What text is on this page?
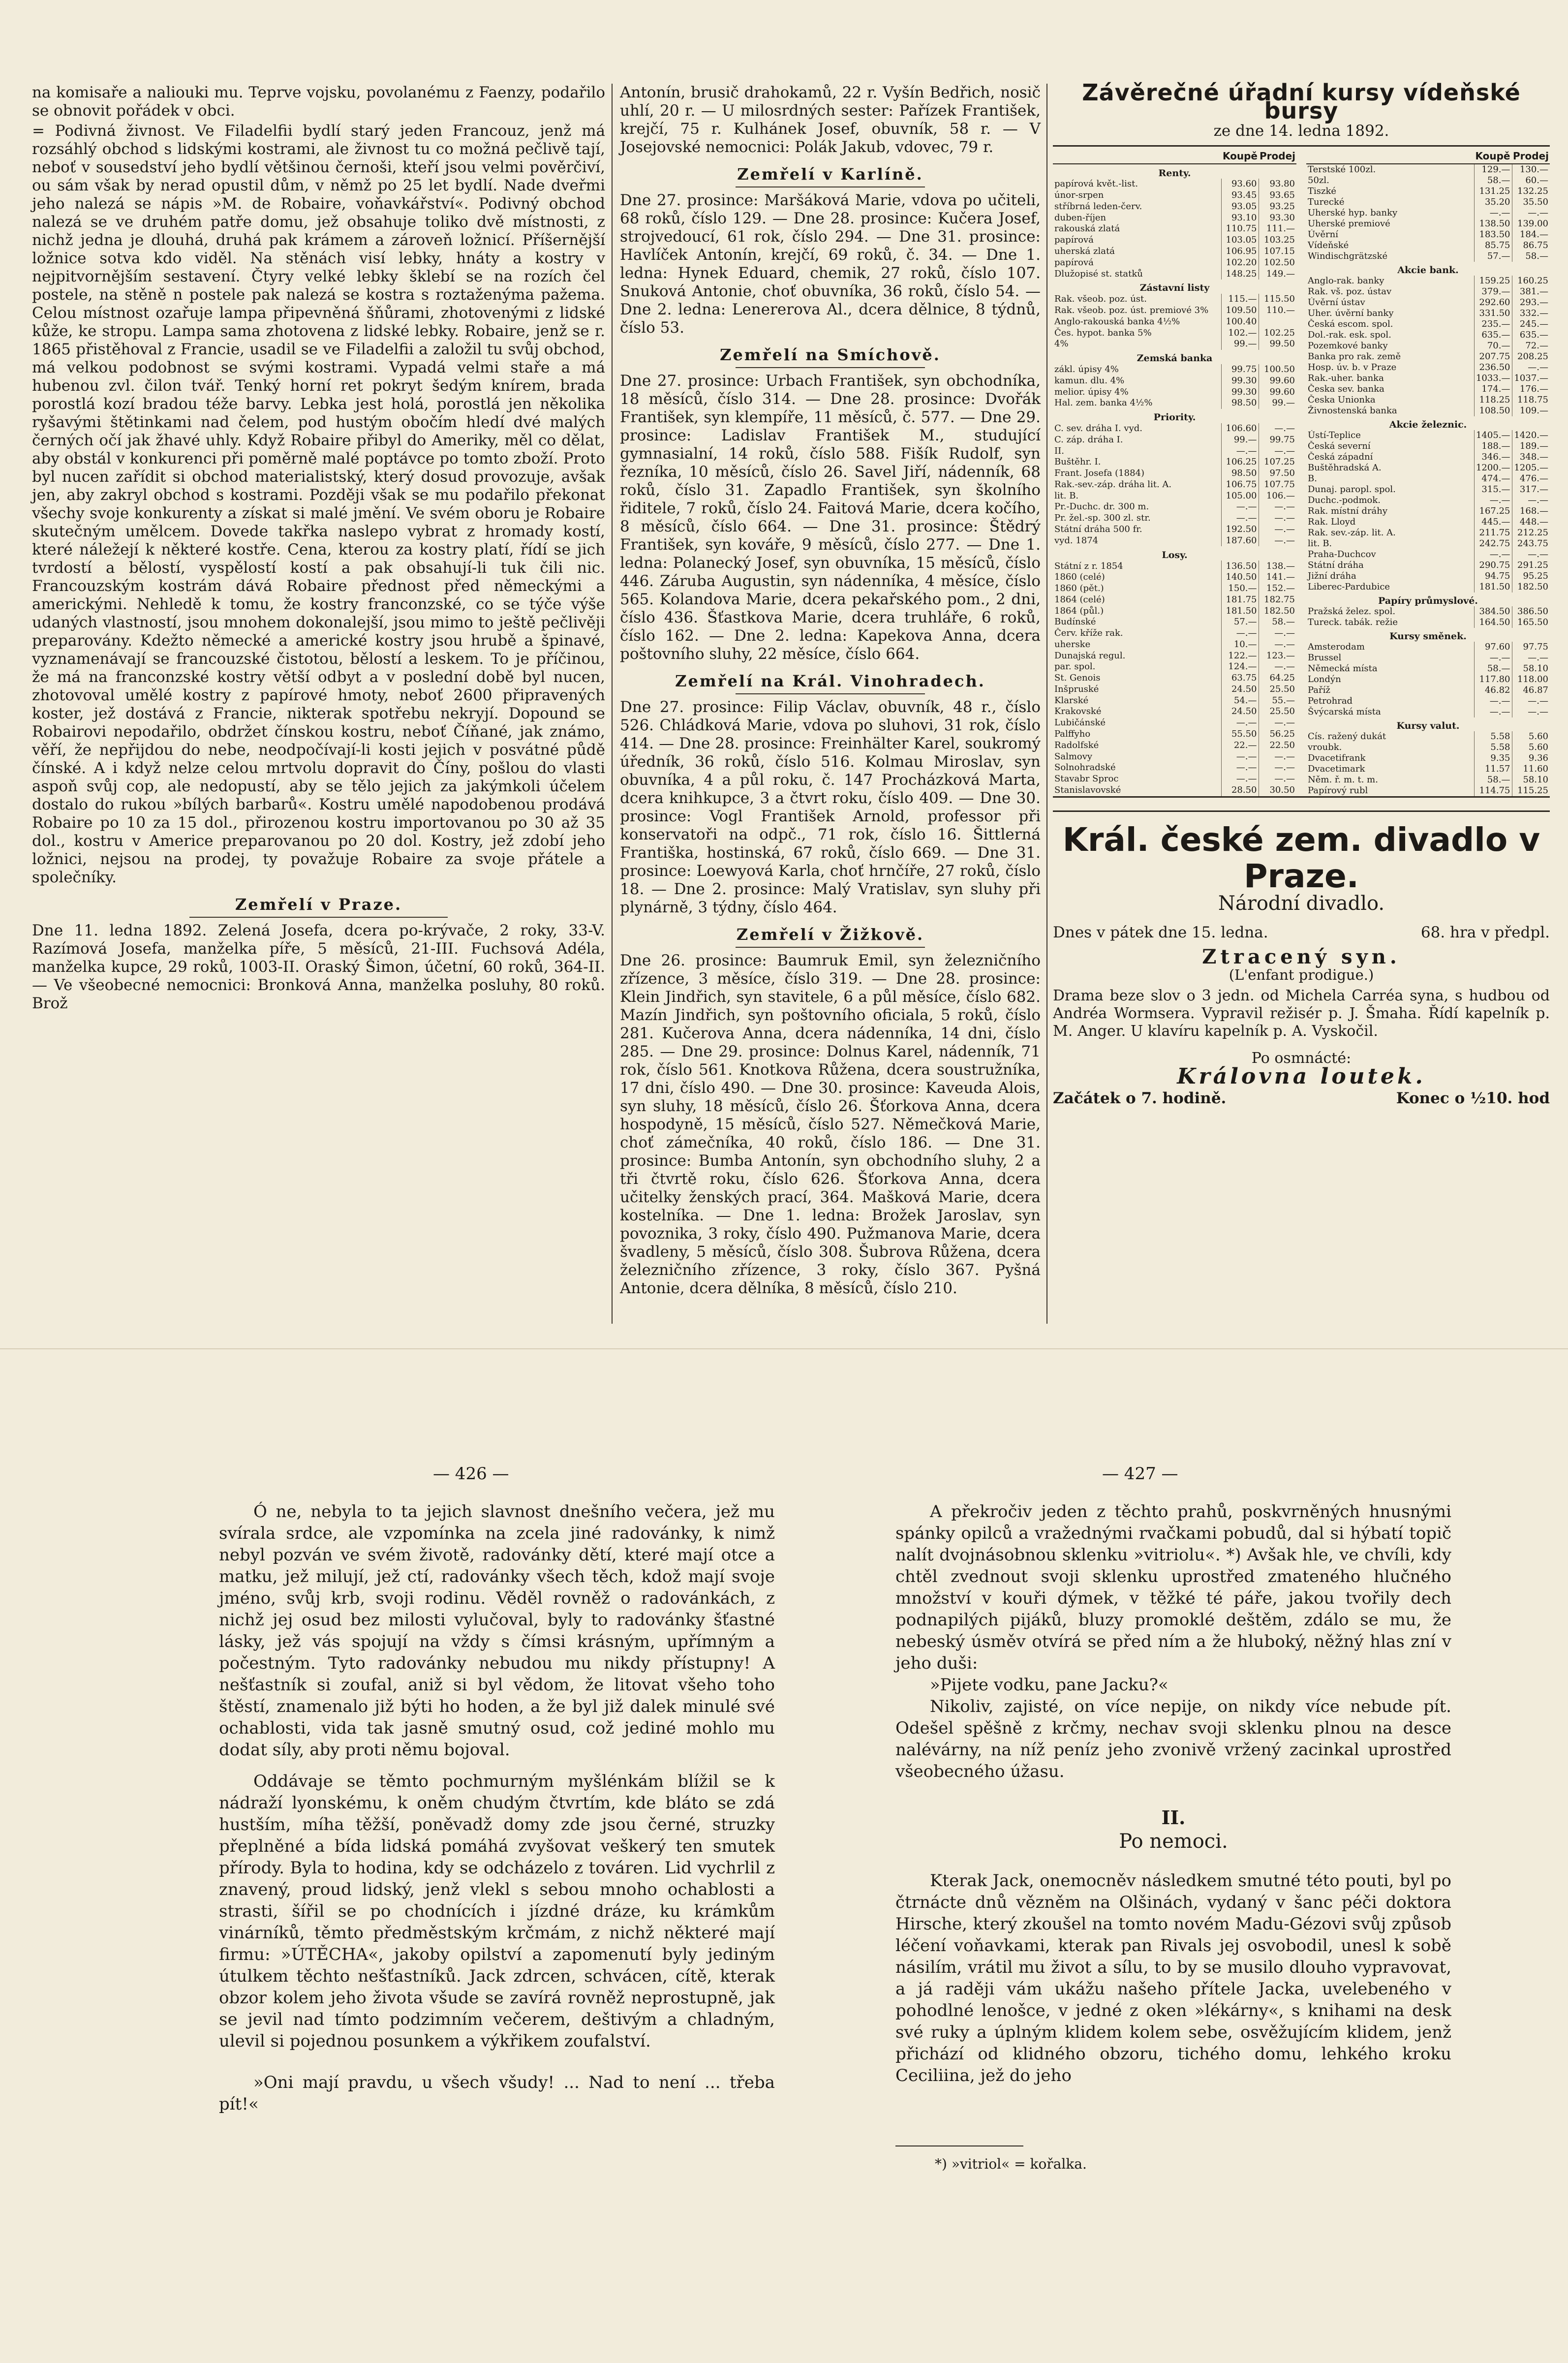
na komisaře a naliouki mu. Teprve vojsku, povolanému z Faenzy, podařilo se obnovit pořádek v obci.

= Podivná živnost. Ve Filadelfii bydlí starý jeden Francouz, jenž má rozsáhlý obchod s lidskými kostrami, ale živnost tu co možná pečlivě tají, neboť v sousedství jeho bydlí většinou černoši, kteří jsou velmi pověrčiví, ou sám však by nerad opustil dům, v němž po 25 let bydlí. Nade dveřmi jeho nalezá se nápis »M. de Robaire, voňavkářství«. Podivný obchod nalezá se ve druhém patře domu, jež obsahuje toliko dvě místnosti, z nichž jedna je dlouhá, druhá pak krámem a zároveň ložnicí. Příšernější ložnice sotva kdo viděl. Na stěnách visí lebky, hnáty a kostry v nejpitvornějším sestavení. Čtyry velké lebky šklebí se na rozích čel postele, na stěně n postele pak nalezá se kostra s roztaženýma pažema. Celou místnost ozařuje lampa připevněná šňůrami, zhotovenými z lidské kůže, ke stropu. Lampa sama zhotovena z lidské lebky. Robaire, jenž se r. 1865 přistěhoval z Francie, usadil se ve Filadelfii a založil tu svůj obchod, má velkou podobnost se svými kostrami. Vypadá velmi staře a má hubenou zvl. čilon tvář. Tenký horní ret pokryt šedým knírem, brada porostlá kozí bradou téže barvy. Lebka jest holá, porostlá jen několika ryšavými štětinkami nad čelem, pod hustým obočím hledí dvé malých černých očí jak žhavé uhly. Když Robaire přibyl do Ameriky, měl co dělat, aby obstál v konkurenci při poměrně malé poptávce po tomto zboží. Proto byl nucen zařídit si obchod materialistský, který dosud provozuje, avšak jen, aby zakryl obchod s kostrami. Později však se mu podařilo překonat všechy svoje konkurenty a získat si malé jmění. Ve svém oboru je Robaire skutečným umělcem. Dovede takřka naslepo vybrat z hromady kostí, které náležejí k některé kostře. Cena, kterou za kostry platí, řídí se jich tvrdostí a bělostí, vyspělostí kostí a pak obsahují-li tuk čili nic. Francouzským kostrám dává Robaire přednost před německými a americkými. Nehledě k tomu, že kostry franconzské, co se týče výše udaných vlastností, jsou mnohem dokonalejší, jsou mimo to ještě pečlivěji preparovány. Kdežto německé a americké kostry jsou hrubě a špinavé, vyznamenávají se francouzské čistotou, bělostí a leskem. To je příčinou, že má na franconzské kostry větší odbyt a v poslední době byl nucen, zhotovoval umělé kostry z papírové hmoty, neboť 2600 připravených koster, jež dostává z Francie, nikterak spotřebu nekryjí. Dopound se Robairovi nepodařilo, obdržet čínskou kostru, neboť Číňané, jak známo, věří, že nepřijdou do nebe, neodpočívají-li kosti jejich v posvátné půdě čínské. A i když nelze celou mrtvolu dopravit do Číny, pošlou do vlasti aspoň svůj cop, ale nedopustí, aby se tělo jejich za jakýmkoli účelem dostalo do rukou »bílých barbarů«. Kostru umělé napodobenou prodává Robaire po 10 za 15 dol., přirozenou kostru importovanou po 30 až 35 dol., kostru v Americe preparovanou po 20 dol. Kostry, jež zdobí jeho ložnici, nejsou na prodej, ty považuje Robaire za svoje přátele a společníky.

Zemřelí v Praze.

Dne 11. ledna 1892. Zelená Josefa, dcera po-krývače, 2 roky, 33-V. Razímová Josefa, manželka píře, 5 měsíců, 21-III. Fuchsová Adéla, manželka kupce, 29 roků, 1003-II. Oraský Šimon, účetní, 60 roků, 364-II. — Ve všeobecné nemocnici: Bronková Anna, manželka posluhy, 80 roků. Brož

Antonín, brusič drahokamů, 22 r. Vyšín Bedřich, nosič uhlí, 20 r. — U milosrdných sester: Pařízek František, krejčí, 75 r. Kulhánek Josef, obuvník, 58 r. — V Josejovské nemocnici: Polák Jakub, vdovec, 79 r.

Zemřelí v Karlíně.

Dne 27. prosince: Maršáková Marie, vdova po učiteli, 68 roků, číslo 129. — Dne 28. prosince: Kučera Josef, strojvedoucí, 61 rok, číslo 294. — Dne 31. prosince: Havlíček Antonín, krejčí, 69 roků, č. 34. — Dne 1. ledna: Hynek Eduard, chemik, 27 roků, číslo 107. Snuková Antonie, choť obuvníka, 36 roků, číslo 54. — Dne 2. ledna: Lenererova Al., dcera dělnice, 8 týdnů, číslo 53.

Zemřelí na Smíchově.

Dne 27. prosince: Urbach František, syn obchodníka, 18 měsíců, číslo 314. — Dne 28. prosince: Dvořák František, syn klempíře, 11 měsíců, č. 577. — Dne 29. prosince: Ladislav František M., studující gymnasialní, 14 roků, číslo 588. Fišík Rudolf, syn řezníka, 10 měsíců, číslo 26. Savel Jiří, nádenník, 68 roků, číslo 31. Zapadlo František, syn školního řiditele, 7 roků, číslo 24. Faitová Marie, dcera kočího, 8 měsíců, číslo 664. — Dne 31. prosince: Štědrý František, syn kováře, 9 měsíců, číslo 277. — Dne 1. ledna: Polanecký Josef, syn obuvníka, 15 měsíců, číslo 446. Záruba Augustin, syn nádenníka, 4 měsíce, číslo 565. Kolandova Marie, dcera pekařského pom., 2 dni, číslo 436. Šťastkova Marie, dcera truhláře, 6 roků, číslo 162. — Dne 2. ledna: Kapekova Anna, dcera poštovního sluhy, 22 měsíce, číslo 664.

Zemřelí na Král. Vinohradech.

Dne 27. prosince: Filip Václav, obuvník, 48 r., číslo 526. Chládková Marie, vdova po sluhovi, 31 rok, číslo 414. — Dne 28. prosince: Freinhälter Karel, soukromý úředník, 36 roků, číslo 516. Kolmau Miroslav, syn obuvníka, 4 a půl roku, č. 147 Procházková Marta, dcera knihkupce, 3 a čtvrt roku, číslo 409. — Dne 30. prosince: Vogl František Arnold, professor při konservatoři na odpč., 71 rok, číslo 16. Šittlerná Františka, hostinská, 67 roků, číslo 669. — Dne 31. prosince: Loewyová Karla, choť hrnčíře, 27 roků, číslo 18. — Dne 2. prosince: Malý Vratislav, syn sluhy při plynárně, 3 týdny, číslo 464.

Zemřelí v Žižkově.

Dne 26. prosince: Baumruk Emil, syn železničního zřízence, 3 měsíce, číslo 319. — Dne 28. prosince: Klein Jindřich, syn stavitele, 6 a půl měsíce, číslo 682. Mazín Jindřich, syn poštovního oficiala, 5 roků, číslo 281. Kučerova Anna, dcera nádenníka, 14 dni, číslo 285. — Dne 29. prosince: Dolnus Karel, nádenník, 71 rok, číslo 561. Knotkova Růžena, dcera soustružníka, 17 dni, číslo 490. — Dne 30. prosince: Kaveuda Alois, syn sluhy, 18 měsíců, číslo 26. Šťorkova Anna, dcera hospodyně, 15 měsíců, číslo 527. Němečková Marie, choť zámečníka, 40 roků, číslo 186. — Dne 31. prosince: Bumba Antonín, syn obchodního sluhy, 2 a tři čtvrtě roku, číslo 626. Šťorkova Anna, dcera učitelky ženských prací, 364. Mašková Marie, dcera kostelníka. — Dne 1. ledna: Brožek Jaroslav, syn povoznika, 3 roky, číslo 490. Pužmanova Marie, dcera švadleny, 5 měsíců, číslo 308. Šubrova Růžena, dcera železničního zřízence, 3 roky, číslo 367. Pyšná Antonie, dcera dělníka, 8 měsíců, číslo 210.

Závěrečné úřadní kursy vídeňské bursy
ze dne 14. ledna 1892.
	Koupě	Prodej
Renty.		
papírová květ.-list.	93.60	93.80
únor-srpen	93.45	93.65
stříbrná leden-červ.	93.05	93.25
duben-říjen	93.10	93.30
rakouská zlatá	110.75	111.—
papírová	103.05	103.25
uherská zlatá	106.95	107.15
papírová	102.20	102.50
Dlužopisé st. statků	148.25	149.—
Zástavní listy		
Rak. všeob. poz. úst.	115.—	115.50
Rak. všeob. poz. úst. premiové 3%	109.50	110.—
Anglo-rakouská banka 4½%	100.40	
Čes. hypot. banka 5%	102.—	102.25
4%	99.—	99.50
Zemská banka		
zákl. úpisy 4%	99.75	100.50
kamun. dlu. 4%	99.30	99.60
melior. úpisy 4%	99.30	99.60
Hal. zem. banka 4½%	98.50	99.—
Priority.		
C. sev. dráha I. vyd.	106.60	—.—
C. záp. dráha I.	99.—	99.75
II.	—.—	—.—
Buštěhr. I.	106.25	107.25
Frant. Josefa (1884)	98.50	97.50
Rak.-sev.-záp. dráha lit. A.	106.75	107.75
lit. B.	105.00	106.—
Pr.-Duchc. dr. 300 m.	—.—	—.—
Pr. žel.-sp. 300 zl. str.	—.—	—.—
Státní dráha 500 fr.	192.50	—.—
vyd. 1874	187.60	—.—
Losy.		
Státní z r. 1854	136.50	138.—
1860 (celé)	140.50	141.—
1860 (pět.)	150.—	152.—
1864 (celé)	181.75	182.75
1864 (půl.)	181.50	182.50
Budínské	57.—	58.—
Červ. kříže rak.	—.—	—.—
uherske	10.—	—.—
Dunajská regul.	122.—	123.—
par. spol.	124.—	—.—
St. Genois	63.75	64.25
Inšpruské	24.50	25.50
Klarské	54.—	55.—
Krakovské	24.50	25.50
Lubičánské	—.—	—.—
Palffyho	55.50	56.25
Radolfské	22.—	22.50
Salmovy	—.—	—.—
Solnohradské	—.—	—.—
Stavabr Sproc	—.—	—.—
Stanislavovské	28.50	30.50
	Koupě	Prodej
Terstské 100zl.	129.—	130.—
50zl.	58.—	60.—
Tiszké	131.25	132.25
Turecké	35.20	35.50
Uherské hyp. banky	—.—	—.—
Uherské premiové	138.50	139.00
Úvěrní	183.50	184.—
Vídeňské	85.75	86.75
Windischgrätzské	57.—	58.—
Akcie bank.		
Anglo-rak. banky	159.25	160.25
Rak. vš. poz. ústav	379.—	381.—
Úvěrní ústav	292.60	293.—
Uher. úvěrní banky	331.50	332.—
Česká escom. spol.	235.—	245.—
Dol.-rak. esk. spol.	635.—	635.—
Pozemkové banky	70.—	72.—
Banka pro rak. země	207.75	208.25
Hosp. úv. b. v Praze	236.50	—.—
Rak.-uher. banka	1033.—	1037.—
Česka sev. banka	174.—	176.—
Česka Unionka	118.25	118.75
Živnostenská banka	108.50	109.—
Akcie železnic.		
Ústí-Teplice	1405.—	1420.—
Česká severní	188.—	189.—
Česká západní	346.—	348.—
Buštěhradská A.	1200.—	1205.—
B.	474.—	476.—
Dunaj. paropl. spol.	315.—	317.—
Duchc.-podmok.	—.—	—.—
Rak. místní dráhy	167.25	168.—
Rak. Lloyd	445.—	448.—
Rak. sev.-záp. lit. A.	211.75	212.25
lit. B.	242.75	243.75
Praha-Duchcov	—.—	—.—
Státní dráha	290.75	291.25
Jižní dráha	94.75	95.25
Liberec-Pardubice	181.50	182.50
Papíry průmyslové.		
Pražská želez. spol.	384.50	386.50
Tureck. tabák. režie	164.50	165.50
Kursy směnek.		
Amsterodam	97.60	97.75
Brussel	—.—	—.—
Německá místa	58.—	58.10
Londýn	117.80	118.00
Paříž	46.82	46.87
Petrohrad	—.—	—.—
Švýcarská místa	—.—	—.—
Kursy valut.		
Cís. ražený dukát	5.58	5.60
vroubk.	5.58	5.60
Dvacetifrank	9.35	9.36
Dvacetimark	11.57	11.60
Něm. ř. m. t. m.	58.—	58.10
Papírový rubl	114.75	115.25
Král. české zem. divadlo v Praze.
Národní divadlo.
Dnes v pátek dne 15. ledna.	68. hra v předpl.
Ztracený syn.
(L'enfant prodigue.)
Drama beze slov o 3 jedn. od Michela Carréa syna, s hudbou od Andréa Wormsera. Vypravil režisér p. J. Šmaha. Řídí kapelník p. M. Anger. U klavíru kapelník p. A. Vyskočil.
Po osmnácté:
Královna loutek.
Začátek o 7. hodině.	Konec o ½10. hod
— 426 —	— 427 —

Ó ne, nebyla to ta jejich slavnost dnešního večera, jež mu svírala srdce, ale vzpomínka na zcela jiné radovánky, k nimž nebyl pozván ve svém životě, radovánky dětí, které mají otce a matku, jež milují, jež ctí, radovánky všech těch, kdož mají svoje jméno, svůj krb, svoji rodinu. Věděl rovněž o radovánkách, z nichž jej osud bez milosti vylučoval, byly to radovánky šťastné lásky, jež vás spojují na vždy s čímsi krásným, upřímným a počestným. Tyto radovánky nebudou mu nikdy přístupny! A nešťastník si zoufal, aniž si byl vědom, že litovat všeho toho štěstí, znamenalo již býti ho hoden, a že byl již dalek minulé své ochablosti, vida tak jasně smutný osud, což jediné mohlo mu dodat síly, aby proti němu bojoval.

Oddávaje se těmto pochmurným myšlénkám blížil se k nádraží lyonskému, k oněm chudým čtvrtím, kde bláto se zdá hustším, míha těžší, poněvadž domy zde jsou černé, struzky přeplněné a bída lidská pomáhá zvyšovat veškerý ten smutek přírody. Byla to hodina, kdy se odcházelo z továren. Lid vychrlil z znavený, proud lidský, jenž vlekl s sebou mnoho ochablosti a strasti, šířil se po chodnících i jízdné dráze, ku krámkům vinárníků, těmto předměstským krčmám, z nichž některé mají firmu: »ÚTĚCHA«, jakoby opilství a zapomenutí byly jediným útulkem těchto nešťastníků. Jack zdrcen, schvácen, cítě, kterak obzor kolem jeho života všude se zavírá rovněž neprostupně, jak se jevil nad tímto podzimním večerem, deštivým a chladným, ulevil si pojednou posunkem a výkřikem zoufalství.

»Oni mají pravdu, u všech všudy! ... Nad to není ... třeba pít!«

A překročiv jeden z těchto prahů, poskvrněných hnusnými spánky opilců a vražednými rvačkami pobudů, dal si hýbatí topič nalít dvojnásobnou sklenku »vitriolu«. *) Avšak hle, ve chvíli, kdy chtěl zvednout svoji sklenku uprostřed zmateného hlučného množství v kouři dýmek, v těžké té páře, jakou tvořily dech podnapilých pijáků, bluzy promoklé deštěm, zdálo se mu, že nebeský úsměv otvírá se před ním a že hluboký, něžný hlas zní v jeho duši:

»Pijete vodku, pane Jacku?«

Nikoliv, zajisté, on více nepije, on nikdy více nebude pít. Odešel spěšně z krčmy, nechav svoji sklenku plnou na desce nalévárny, na níž peníz jeho zvonivě vržený zacinkal uprostřed všeobecného úžasu.

II.
Po nemoci.

Kterak Jack, onemocněv následkem smutné této pouti, byl po čtrnácte dnů vězněm na Olšinách, vydaný v šanc péči doktora Hirsche, který zkoušel na tomto novém Madu-Gézovi svůj způsob léčení voňavkami, kterak pan Rivals jej osvobodil, unesl k sobě násilím, vrátil mu život a sílu, to by se musilo dlouho vypravovat, a já raději vám ukážu našeho přítele Jacka, uvelebeného v pohodlné lenošce, v jedné z oken »lékárny«, s knihami na desk své ruky a úplným klidem kolem sebe, osvěžujícím klidem, jenž přichází od klidného obzoru, tichého domu, lehkého kroku Ceciliina, jež do jeho

*) »vitriol« = kořalka.
